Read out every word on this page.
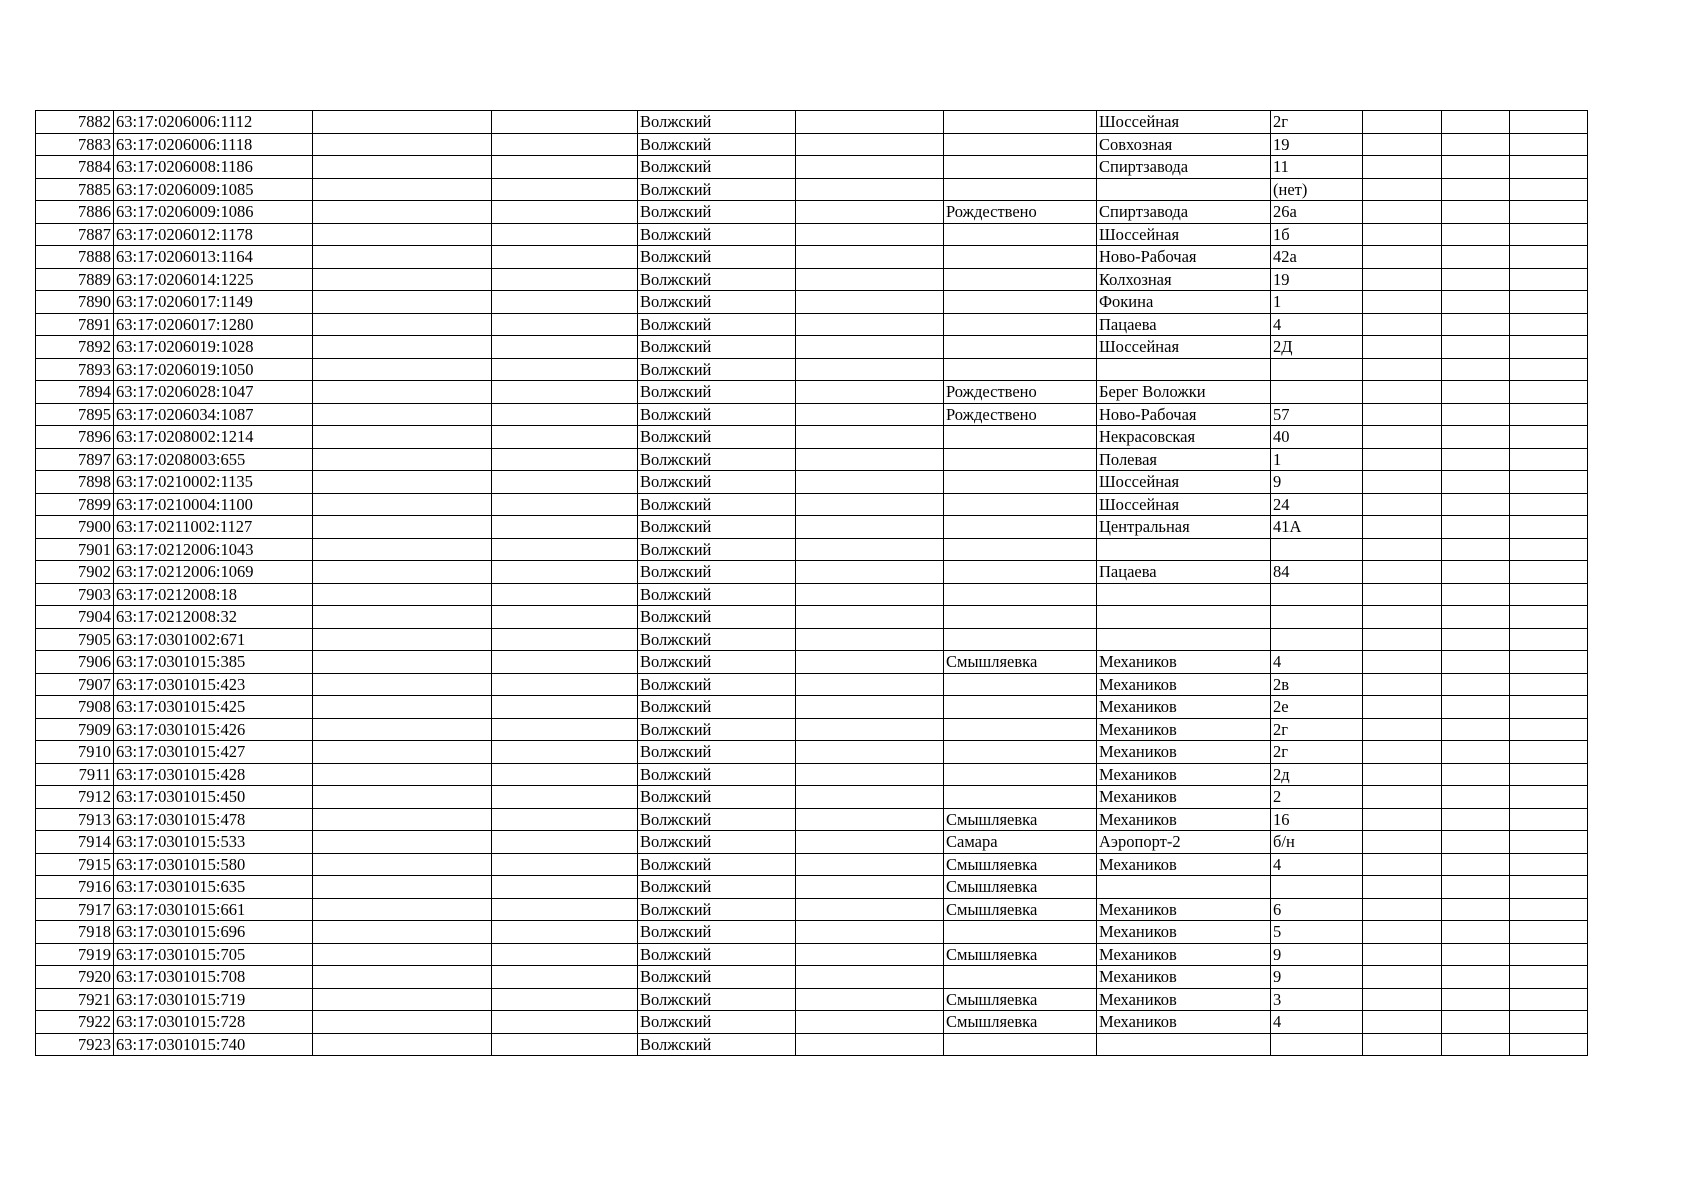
7882	63:17:0206006:1112			Волжский			Шоссейная	2г			
7883	63:17:0206006:1118			Волжский			Совхозная	19			
7884	63:17:0206008:1186			Волжский			Спиртзавода	11			
7885	63:17:0206009:1085			Волжский				(нет)			
7886	63:17:0206009:1086			Волжский		Рождествено	Спиртзавода	26а			
7887	63:17:0206012:1178			Волжский			Шоссейная	1б			
7888	63:17:0206013:1164			Волжский			Ново-Рабочая	42а			
7889	63:17:0206014:1225			Волжский			Колхозная	19			
7890	63:17:0206017:1149			Волжский			Фокина	1			
7891	63:17:0206017:1280			Волжский			Пацаева	4			
7892	63:17:0206019:1028			Волжский			Шоссейная	2Д			
7893	63:17:0206019:1050			Волжский							
7894	63:17:0206028:1047			Волжский		Рождествено	Берег Воложки				
7895	63:17:0206034:1087			Волжский		Рождествено	Ново-Рабочая	57			
7896	63:17:0208002:1214			Волжский			Некрасовская	40			
7897	63:17:0208003:655			Волжский			Полевая	1			
7898	63:17:0210002:1135			Волжский			Шоссейная	9			
7899	63:17:0210004:1100			Волжский			Шоссейная	24			
7900	63:17:0211002:1127			Волжский			Центральная	41А			
7901	63:17:0212006:1043			Волжский							
7902	63:17:0212006:1069			Волжский			Пацаева	84			
7903	63:17:0212008:18			Волжский							
7904	63:17:0212008:32			Волжский							
7905	63:17:0301002:671			Волжский							
7906	63:17:0301015:385			Волжский		Смышляевка	Механиков	4			
7907	63:17:0301015:423			Волжский			Механиков	2в			
7908	63:17:0301015:425			Волжский			Механиков	2е			
7909	63:17:0301015:426			Волжский			Механиков	2г			
7910	63:17:0301015:427			Волжский			Механиков	2г			
7911	63:17:0301015:428			Волжский			Механиков	2д			
7912	63:17:0301015:450			Волжский			Механиков	2			
7913	63:17:0301015:478			Волжский		Смышляевка	Механиков	16			
7914	63:17:0301015:533			Волжский		Самара	Аэропорт-2	б/н			
7915	63:17:0301015:580			Волжский		Смышляевка	Механиков	4			
7916	63:17:0301015:635			Волжский		Смышляевка					
7917	63:17:0301015:661			Волжский		Смышляевка	Механиков	6			
7918	63:17:0301015:696			Волжский			Механиков	5			
7919	63:17:0301015:705			Волжский		Смышляевка	Механиков	9			
7920	63:17:0301015:708			Волжский			Механиков	9			
7921	63:17:0301015:719			Волжский		Смышляевка	Механиков	3			
7922	63:17:0301015:728			Волжский		Смышляевка	Механиков	4			
7923	63:17:0301015:740			Волжский							
